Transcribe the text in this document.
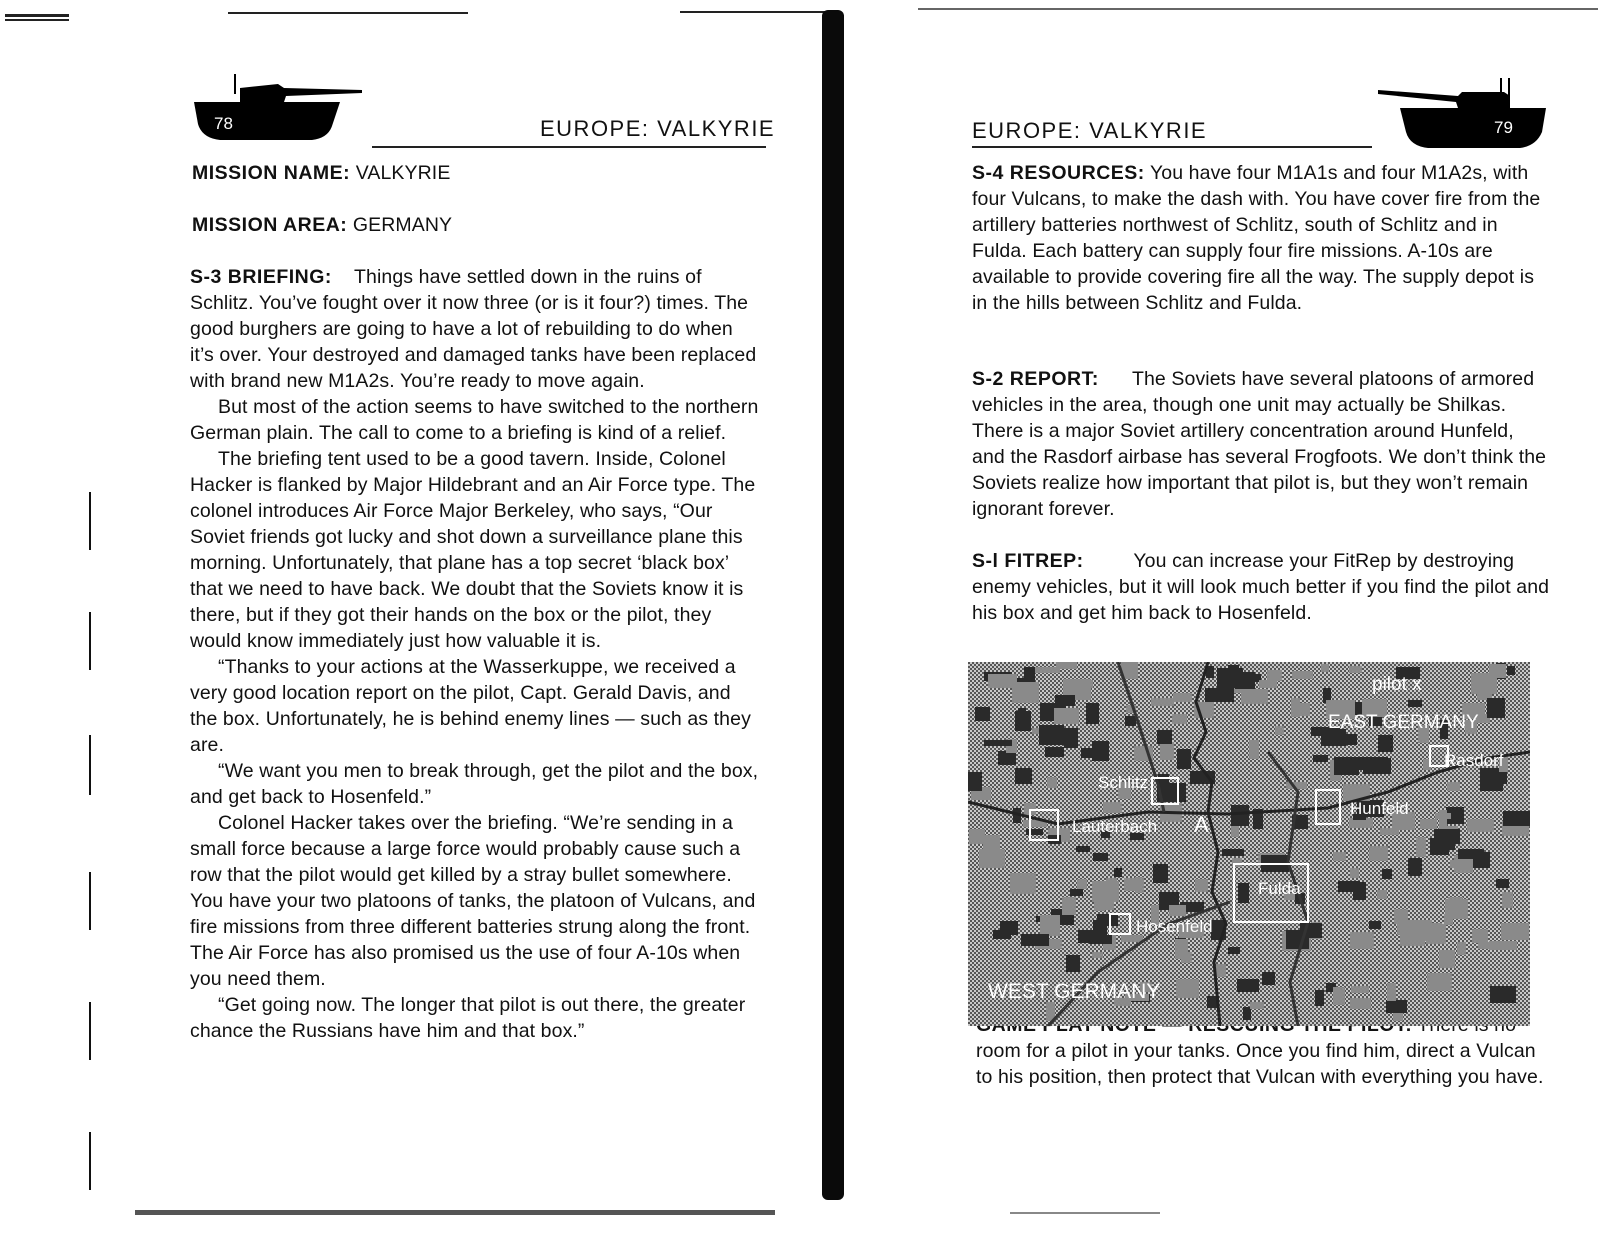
78	EUROPE: VALKYRIE
MISSION NAME: VALKYRIE
MISSION AREA: GERMANY

S-3 BRIEFING: Things have settled down in the ruins of Schlitz. You’ve fought over it now three (or is it four?) times. The good burghers are going to have a lot of rebuilding to do when it’s over. Your destroyed and damaged tanks have been replaced with brand new M1A2s. You’re ready to move again.

But most of the action seems to have switched to the northern German plain. The call to come to a briefing is kind of a relief.

The briefing tent used to be a good tavern. Inside, Colonel Hacker is flanked by Major Hildebrant and an Air Force type. The colonel introduces Air Force Major Berkeley, who says, “Our Soviet friends got lucky and shot down a surveillance plane this morning. Unfortunately, that plane has a top secret ‘black box’ that we need to have back. We doubt that the Soviets know it is there, but if they got their hands on the box or the pilot, they would know immediately just how valuable it is.

“Thanks to your actions at the Wasserkuppe, we received a very good location report on the pilot, Capt. Gerald Davis, and the box. Unfortunately, he is behind enemy lines — such as they are.

“We want you men to break through, get the pilot and the box, and get back to Hosenfeld.”

Colonel Hacker takes over the briefing. “We’re sending in a small force because a large force would probably cause such a row that the pilot would get killed by a stray bullet somewhere. You have your two platoons of tanks, the platoon of Vulcans, and fire missions from three different batteries strung along the front. The Air Force has also promised us the use of four A-10s when you need them.

“Get going now. The longer that pilot is out there, the greater chance the Russians have him and that box.”

EUROPE: VALKYRIE	79

S-4 RESOURCES: You have four M1A1s and four M1A2s, with four Vulcans, to make the dash with. You have cover fire from the artillery batteries northwest of Schlitz, south of Schlitz and in Fulda. Each battery can supply four fire missions. A-10s are available to provide covering fire all the way. The supply depot is in the hills between Schlitz and Fulda.

S-2 REPORT: The Soviets have several platoons of armored vehicles in the area, though one unit may actually be Shilkas. There is a major Soviet artillery concentration around Hunfeld, and the Rasdorf airbase has several Frogfoots. We don’t think the Soviets realize how important that pilot is, but they won’t remain ignorant forever.

S-l FITREP:	You can increase your FitRep by destroying enemy vehicles, but it will look much better if you find the pilot and his box and get him back to Hosenfeld.

room for a pilot in your tanks. Once you find him, direct a Vulcan to his position, then protect that Vulcan with everything you have.

pilot x
EAST GERMANY
Rasdorf
Schlitz
Hunfeld
Lauterbach A
Fulda
Hosenfeld
WEST GERMANY
